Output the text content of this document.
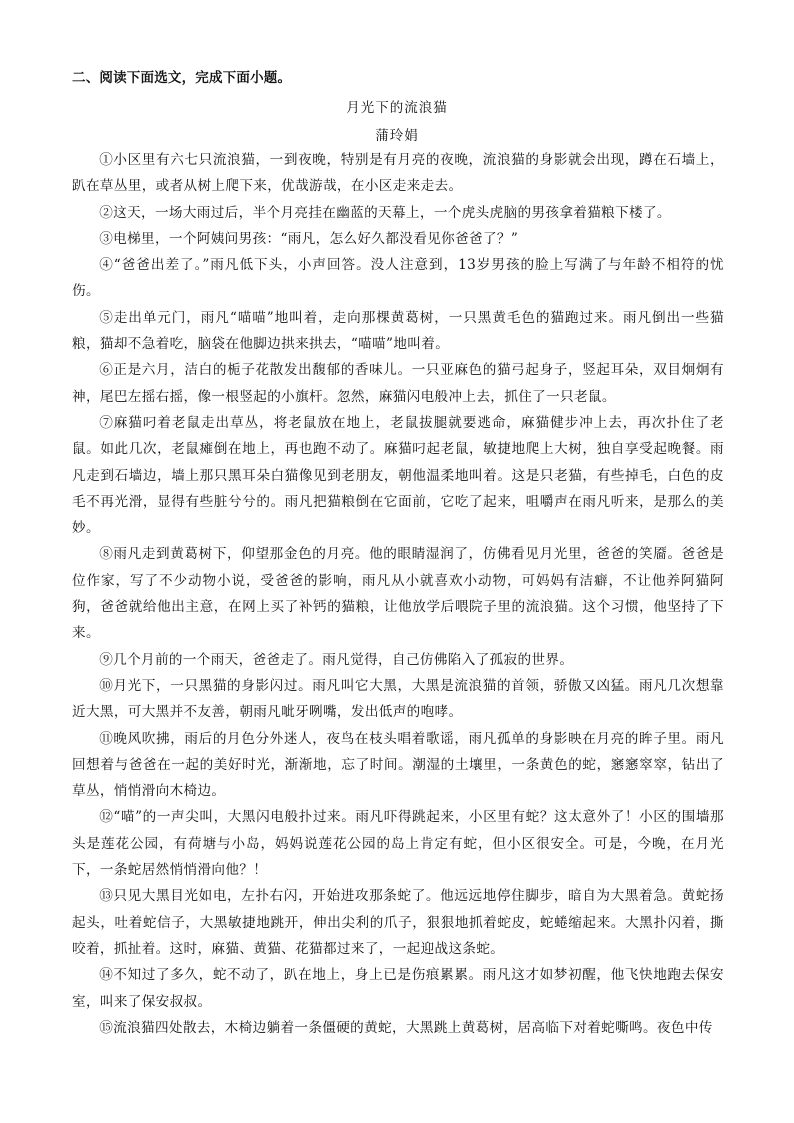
二、阅读下面选文，完成下面小题。
月光下的流浪猫
蒲玲娟

①小区里有六七只流浪猫，一到夜晚，特别是有月亮的夜晚，流浪猫的身影就会出现，蹲在石墙上，趴在草丛里，或者从树上爬下来，优哉游哉，在小区走来走去。

②这天，一场大雨过后，半个月亮挂在幽蓝的天幕上，一个虎头虎脑的男孩拿着猫粮下楼了。

③电梯里，一个阿姨问男孩：“雨凡，怎么好久都没看见你爸爸了？”

④“爸爸出差了。”雨凡低下头，小声回答。没人注意到，13岁男孩的脸上写满了与年龄不相符的忧伤。

⑤走出单元门，雨凡“喵喵”地叫着，走向那棵黄葛树，一只黑黄毛色的猫跑过来。雨凡倒出一些猫粮，猫却不急着吃，脑袋在他脚边拱来拱去，“喵喵”地叫着。

⑥正是六月，洁白的栀子花散发出馥郁的香味儿。一只亚麻色的猫弓起身子，竖起耳朵，双目炯炯有神，尾巴左摇右摇，像一根竖起的小旗杆。忽然，麻猫闪电般冲上去，抓住了一只老鼠。

⑦麻猫叼着老鼠走出草丛，将老鼠放在地上，老鼠拔腿就要逃命，麻猫健步冲上去，再次扑住了老鼠。如此几次，老鼠瘫倒在地上，再也跑不动了。麻猫叼起老鼠，敏捷地爬上大树，独自享受起晚餐。雨凡走到石墙边，墙上那只黑耳朵白猫像见到老朋友，朝他温柔地叫着。这是只老猫，有些掉毛，白色的皮毛不再光滑，显得有些脏兮兮的。雨凡把猫粮倒在它面前，它吃了起来，咀嚼声在雨凡听来，是那么的美妙。

⑧雨凡走到黄葛树下，仰望那金色的月亮。他的眼睛湿润了，仿佛看见月光里，爸爸的笑靥。爸爸是位作家，写了不少动物小说，受爸爸的影响，雨凡从小就喜欢小动物，可妈妈有洁癖，不让他养阿猫阿狗，爸爸就给他出主意，在网上买了补钙的猫粮，让他放学后喂院子里的流浪猫。这个习惯，他坚持了下来。

⑨几个月前的一个雨天，爸爸走了。雨凡觉得，自己仿佛陷入了孤寂的世界。

⑩月光下，一只黑猫的身影闪过。雨凡叫它大黑，大黑是流浪猫的首领，骄傲又凶猛。雨凡几次想靠近大黑，可大黑并不友善，朝雨凡呲牙咧嘴，发出低声的咆哮。

⑪晚风吹拂，雨后的月色分外迷人，夜鸟在枝头唱着歌谣，雨凡孤单的身影映在月亮的眸子里。雨凡回想着与爸爸在一起的美好时光，渐渐地，忘了时间。潮湿的土壤里，一条黄色的蛇，窸窸窣窣，钻出了草丛，悄悄滑向木椅边。

⑫“喵”的一声尖叫，大黑闪电般扑过来。雨凡吓得跳起来，小区里有蛇？这太意外了！小区的围墙那头是莲花公园，有荷塘与小岛，妈妈说莲花公园的岛上肯定有蛇，但小区很安全。可是，今晚，在月光下，一条蛇居然悄悄滑向他？！

⑬只见大黑目光如电，左扑右闪，开始进攻那条蛇了。他远远地停住脚步，暗自为大黑着急。黄蛇扬起头，吐着蛇信子，大黑敏捷地跳开，伸出尖利的爪子，狠狠地抓着蛇皮，蛇蜷缩起来。大黑扑闪着，撕咬着，抓扯着。这时，麻猫、黄猫、花猫都过来了，一起迎战这条蛇。

⑭不知过了多久，蛇不动了，趴在地上，身上已是伤痕累累。雨凡这才如梦初醒，他飞快地跑去保安室，叫来了保安叔叔。

⑮流浪猫四处散去，木椅边躺着一条僵硬的黄蛇，大黑跳上黄葛树，居高临下对着蛇嘶鸣。夜色中传
